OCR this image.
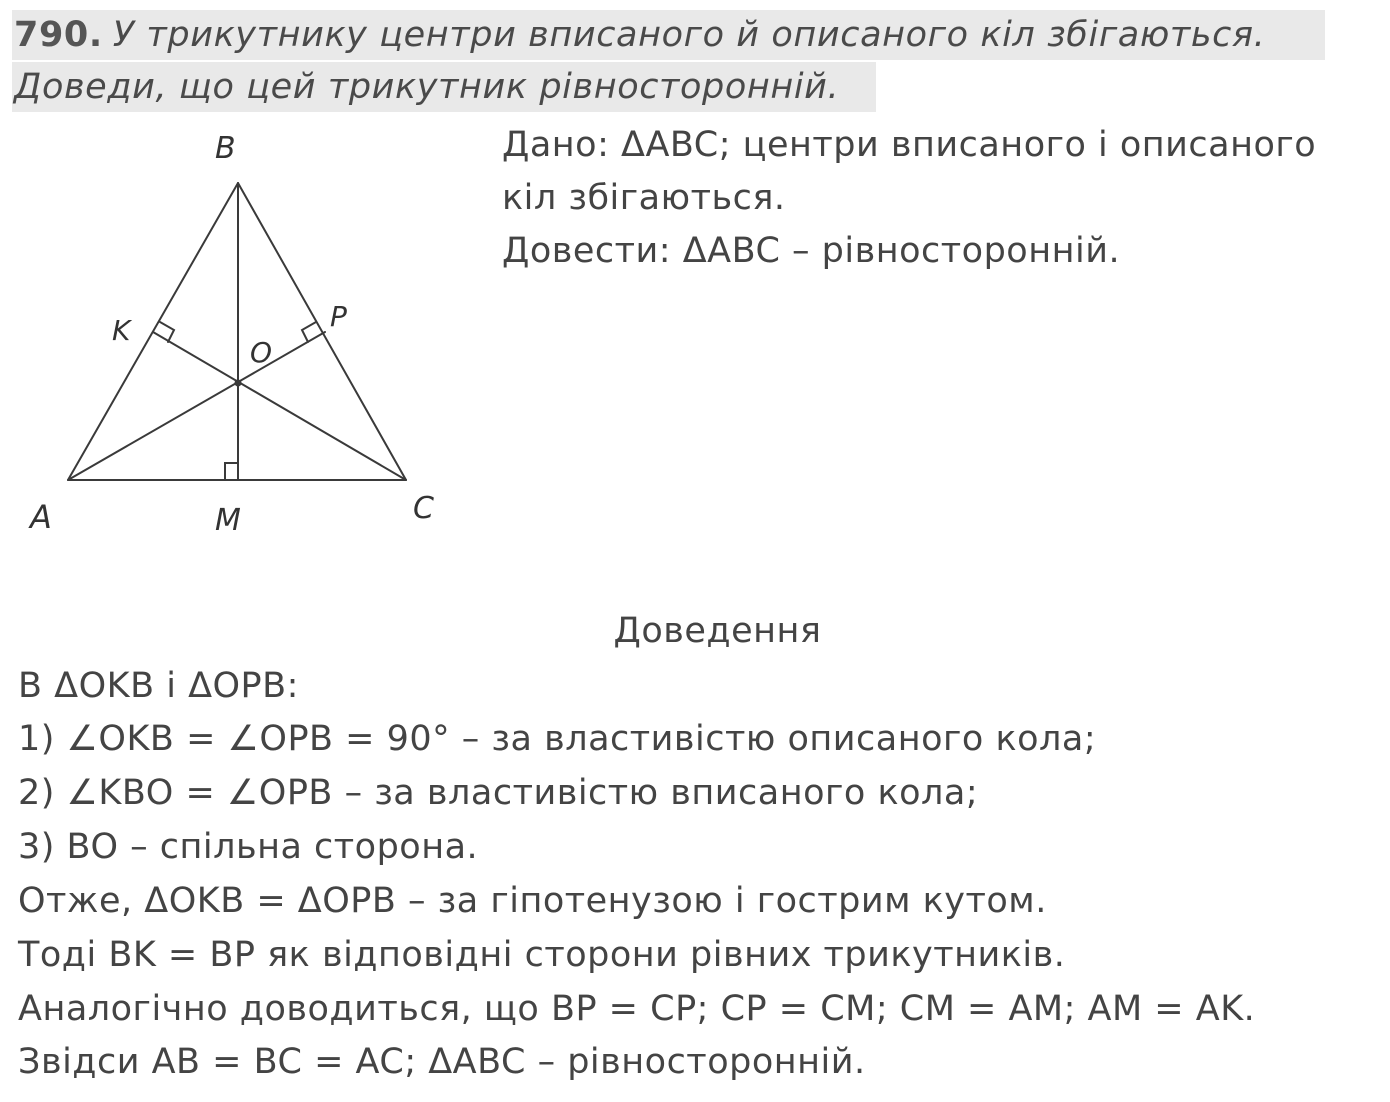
790. У трикутнику центри вписаного й описаного кіл збігаються.
Доведи, що цей трикутник рівносторонній.
Дано: ΔABC; центри вписаного і описаного
кіл збігаються.
Довести: ΔABC – рівносторонній.
B
A	C
M
K	P
O
Доведення
В ΔOKB і ΔOPB:
1) ∠OKB = ∠OPB = 90° – за властивістю описаного кола;
2) ∠KBO = ∠OPB – за властивістю вписаного кола;
3) BO – спільна сторона.
Отже, ΔOKB = ΔOPB – за гіпотенузою і гострим кутом.
Тоді BK = BP як відповідні сторони рівних трикутників.
Аналогічно доводиться, що BP = CP; CP = CM; CM = AM; AM = AK.
Звідси AB = BC = AC; ΔABC – рівносторонній.
